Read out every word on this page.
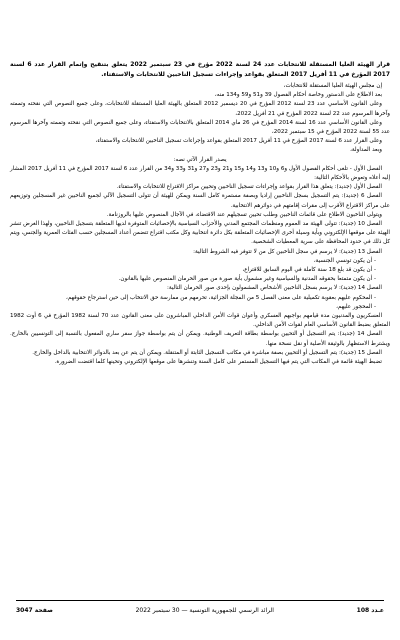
قرار الهيئة العليا المستقلة للانتخابات عدد 24 لسنة 2022 مؤرخ في 23 سبتمبر 2022 يتعلق بتنقيح وإتمام القرار عدد 6 لسنة 2017 المؤرخ في 11 أفريل 2017 المتعلق بقواعد وإجراءات تسجيل الناخبين للانتخابات والاستفتاء.

إن مجلس الهيئة العليا المستقلة للانتخابات،

بعد الاطلاع على الدستور وخاصة أحكام الفصول 39 و51 و59 و134 منه،

وعلى القانون الأساسي عدد 23 لسنة 2012 المؤرخ في 20 ديسمبر 2012 المتعلق بالهيئة العليا المستقلة للانتخابات، وعلى جميع النصوص التي نقحته وتممته وآخرها المرسوم عدد 22 لسنة 2022 المؤرخ في 21 أفريل 2022،

وعلى القانون الأساسي عدد 16 لسنة 2014 المؤرخ في 26 ماي 2014 المتعلق بالانتخابات والاستفتاء، وعلى جميع النصوص التي نقحته وتممته وآخرها المرسوم عدد 55 لسنة 2022 المؤرخ في 15 سبتمبر 2022،

وعلى القرار عدد 6 لسنة 2017 المؤرخ في 11 أفريل 2017 المتعلق بقواعد وإجراءات تسجيل الناخبين للانتخابات والاستفتاء،

وبعد المداولة،

يصدر القرار الآتي نصه:

الفصل الأول - تلغى أحكام الفصول الأول و6 و10 و13 و14 و15 و21 و23 و27 و31 و33 و34 من القرار عدد 6 لسنة 2017 المؤرخ في 11 أفريل 2017 المشار إليه أعلاه وتعوض بالأحكام التالية:

الفصل الأول (جديد): يتعلق هذا القرار بقواعد وإجراءات تسجيل الناخبين وتحيين مراكز الاقتراع للانتخابات والاستفتاء.

الفصل 6 (جديد): يتم التسجيل بسجل الناخبين إراديا وبصفة مستمرة كامل السنة ويمكن للهيئة أن تتولى التسجيل الآلي لجميع الناخبين غير المسجلين وتوزيعهم على مراكز الاقتراع الأقرب إلى مقرات إقامتهم في دوائرهم الانتخابية.

ويتولى الناخبون الاطلاع على قائمات الناخبين وطلب تحيين تسجيلهم عند الاقتضاء، في الآجال المنصوص عليها بالروزنامة.

الفصل 10 (جديد): تتولى الهيئة مد العموم ومنظمات المجتمع المدني والأحزاب السياسية بالإحصائيات المتوفرة لديها المتعلقة بتسجيل الناخبين، ولهذا الغرض تنشر الهيئة على موقعها الإلكتروني وبأية وسيلة أخرى الإحصائيات المتعلقة بكل دائرة انتخابية وكل مكتب اقتراع تتضمن أعداد المسجلين حسب الفئات العمرية والجنس، ويتم كل ذلك في حدود المحافظة على سرية المعطيات الشخصية.

الفصل 13 (جديد): لا يرسم في سجل الناخبين كل من لا تتوفر فيه الشروط التالية:

- أن يكون تونسي الجنسية،

- أن يكون قد بلغ 18 سنة كاملة في اليوم السابق للاقتراع،

- أن يكون متمتعا بحقوقه المدنية والسياسية وغير مشمول بأية صورة من صور الحرمان المنصوص عليها بالقانون.

الفصل 14 (جديد): لا يرسم بسجل الناخبين الأشخاص المشمولون بإحدى صور الحرمان التالية:

- المحكوم عليهم بعقوبة تكميلية على معنى الفصل 5 من المجلة الجزائية، تحرمهم من ممارسة حق الانتخاب إلى حين استرجاع حقوقهم،

- المحجور عليهم،

العسكريون والمدنيون مدة قيامهم بواجبهم العسكري وأعوان قوات الأمن الداخلي المباشرون على معنى القانون عدد 70 لسنة 1982 المؤرخ في 6 أوت 1982 المتعلق بضبط القانون الأساسي العام لقوات الأمن الداخلي.

الفصل 14 (جديد): يتم التسجيل أو التحيين بواسطة بطاقة التعريف الوطنية. ويمكن أن يتم بواسطة جواز سفر ساري المفعول بالنسبة إلى التونسيين بالخارج. ويشترط الاستظهار بالوثيقة الأصلية أو نقل نسخة منها.

الفصل 15 (جديد): يتم التسجيل أو التحيين بصفة مباشرة في مكاتب التسجيل الثابتة أو المتنقلة. ويمكن أن يتم عن بعد بالدوائر الانتخابية بالداخل والخارج.

تضبط الهيئة قائمة في المكاتب التي يتم فيها التسجيل المستمر على كامل السنة وتنشرها على موقعها الإلكتروني وتحينها كلما اقتضت الضرورة.

عـدد 108
الرائد الرسمي للجمهورية التونسية — 30 سبتمبر 2022
صفحة 3047
